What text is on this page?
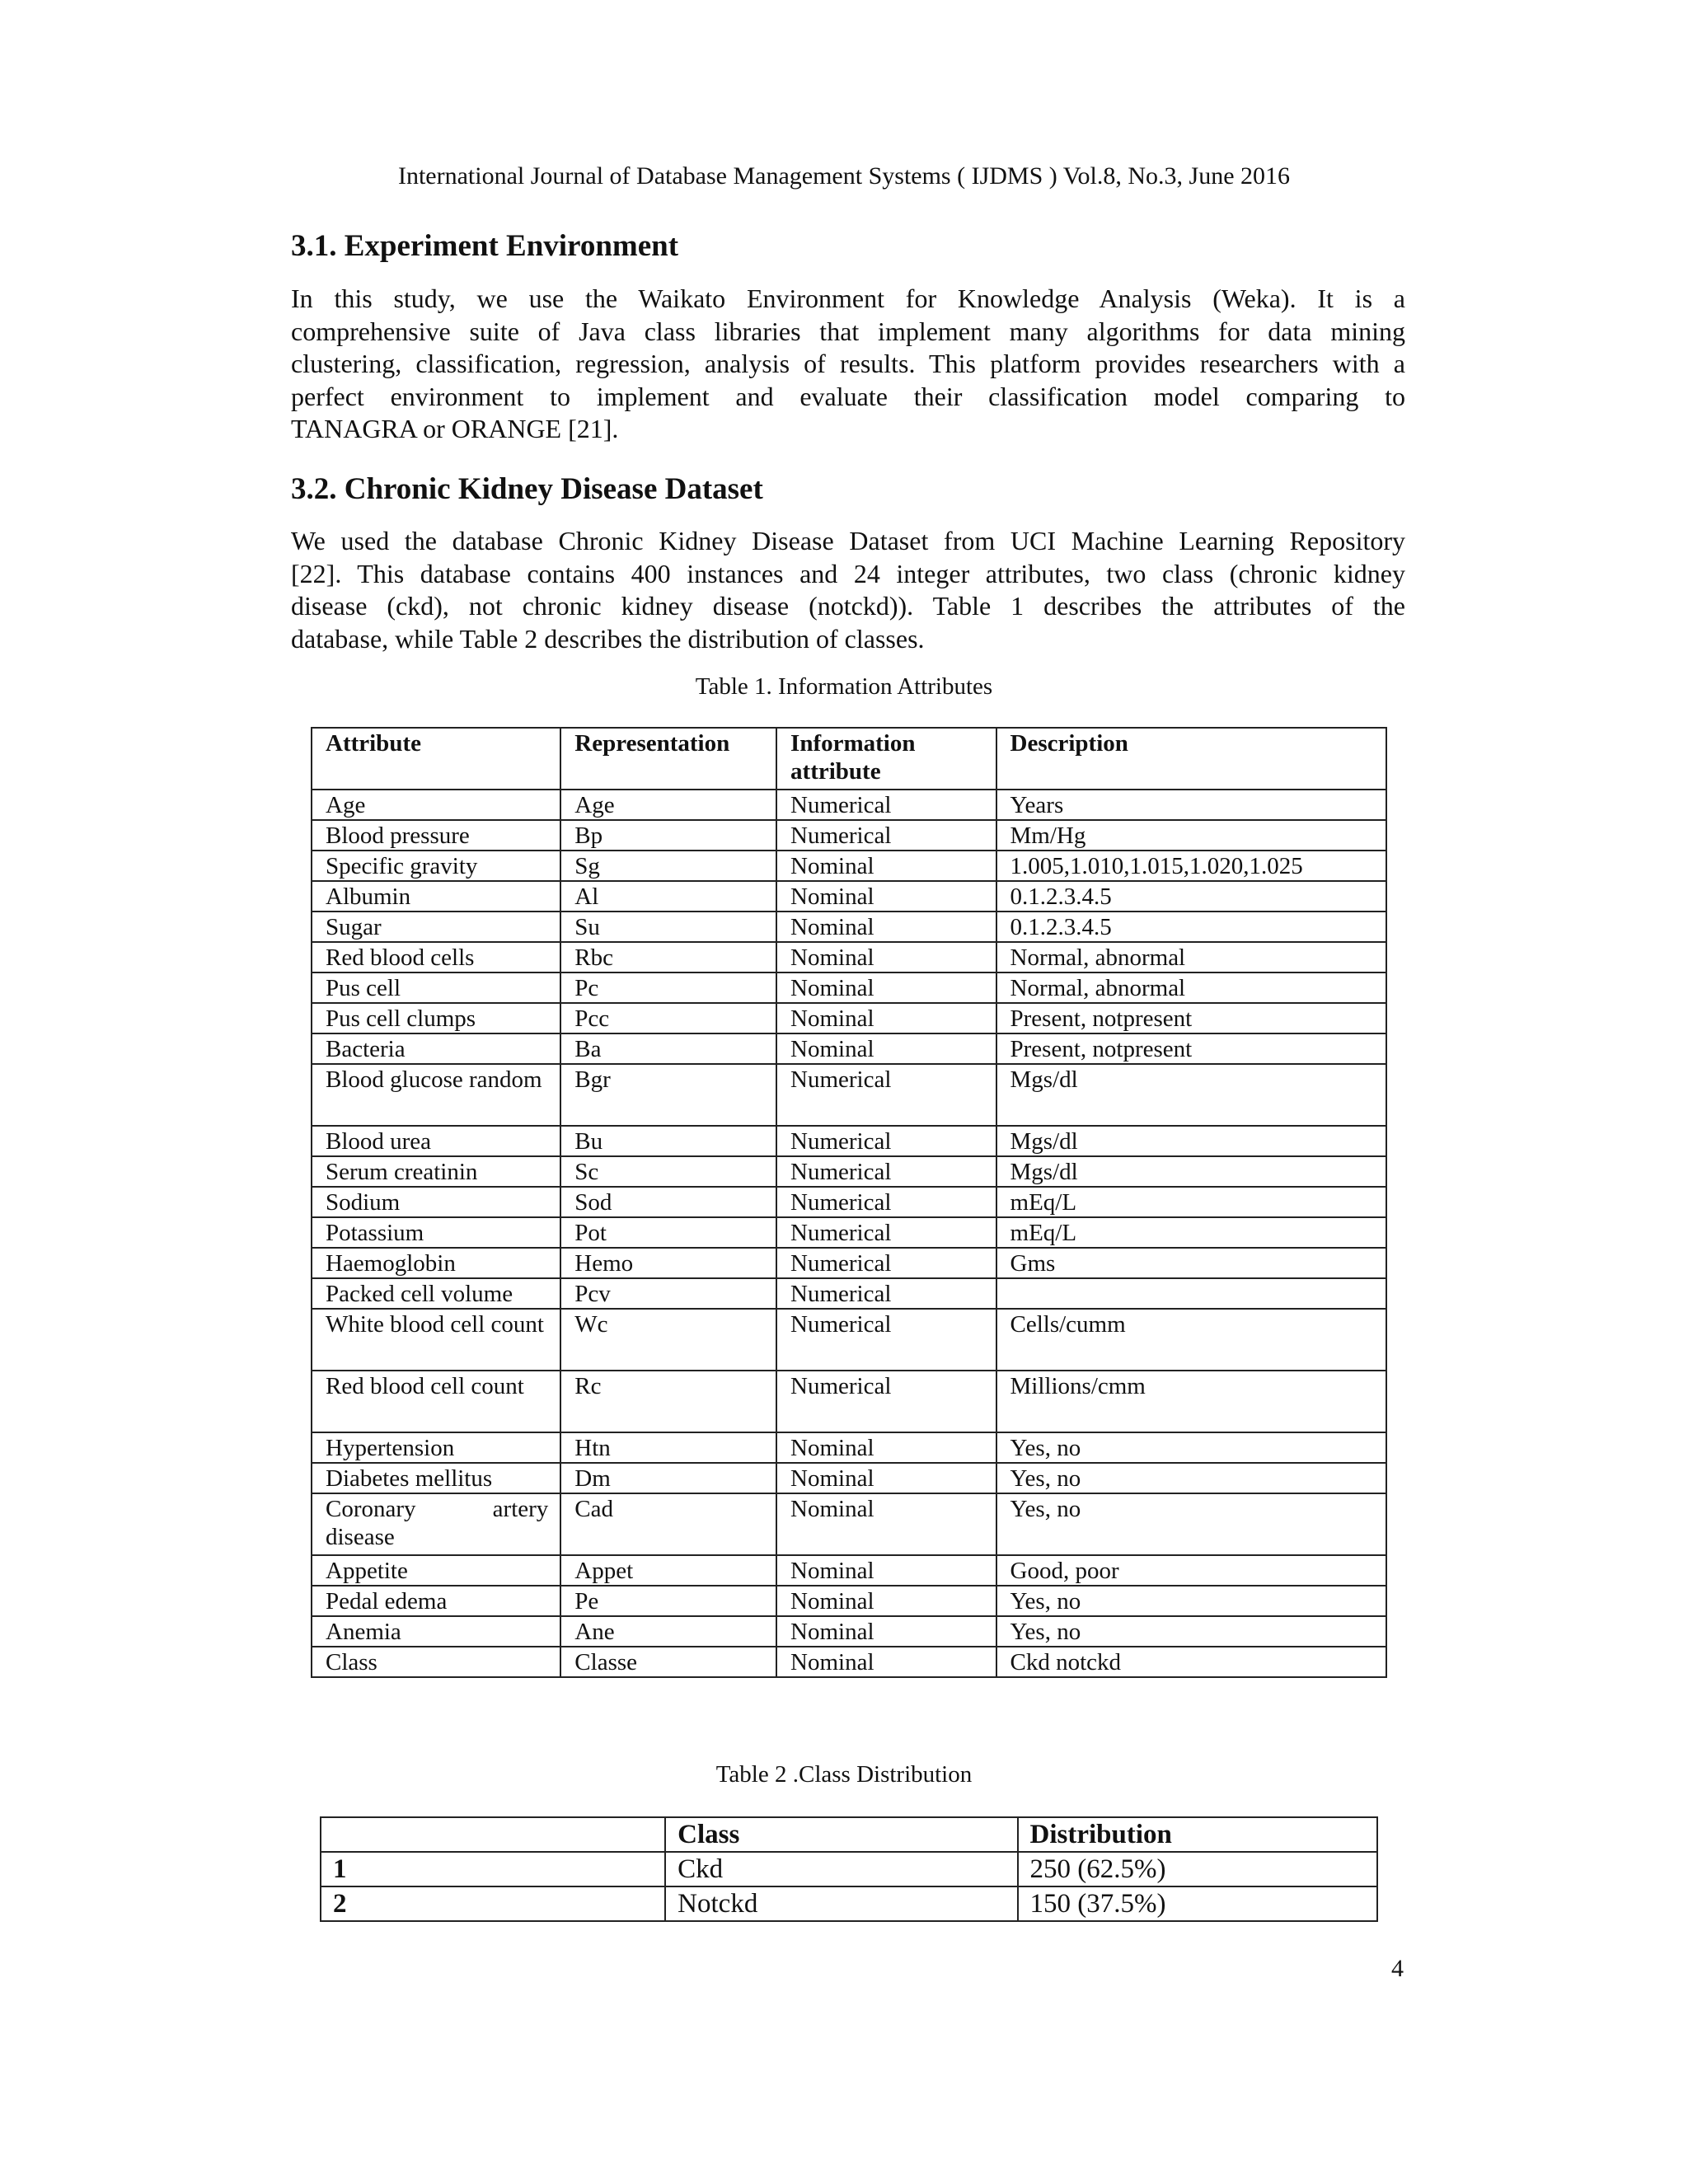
International Journal of Database Management Systems ( IJDMS ) Vol.8, No.3, June 2016
3.1. Experiment Environment

In this study, we use the Waikato Environment for Knowledge Analysis (Weka). It is a
comprehensive suite of Java class libraries that implement many algorithms for data mining
clustering, classification, regression, analysis of results. This platform provides researchers with a
perfect environment to implement and evaluate their classification model comparing to
TANAGRA or ORANGE [21].

3.2. Chronic Kidney Disease Dataset

We used the database Chronic Kidney Disease Dataset from UCI Machine Learning Repository
[22]. This database contains 400 instances and 24 integer attributes, two class (chronic kidney
disease (ckd), not chronic kidney disease (notckd)). Table 1 describes the attributes of the
database, while Table 2 describes the distribution of classes.

Table 1. Information Attributes
Attribute	Representation	Information attribute	Description
Age	Age	Numerical	Years
Blood pressure	Bp	Numerical	Mm/Hg
Specific gravity	Sg	Nominal	1.005,1.010,1.015,1.020,1.025
Albumin	Al	Nominal	0.1.2.3.4.5
Sugar	Su	Nominal	0.1.2.3.4.5
Red blood cells	Rbc	Nominal	Normal, abnormal
Pus cell	Pc	Nominal	Normal, abnormal
Pus cell clumps	Pcc	Nominal	Present, notpresent
Bacteria	Ba	Nominal	Present, notpresent
Blood glucose random	Bgr	Numerical	Mgs/dl
Blood urea	Bu	Numerical	Mgs/dl
Serum creatinin	Sc	Numerical	Mgs/dl
Sodium	Sod	Numerical	mEq/L
Potassium	Pot	Numerical	mEq/L
Haemoglobin	Hemo	Numerical	Gms
Packed cell volume	Pcv	Numerical	
White blood cell count	Wc	Numerical	Cells/cumm
Red blood cell count	Rc	Numerical	Millions/cmm
Hypertension	Htn	Nominal	Yes, no
Diabetes mellitus	Dm	Nominal	Yes, no
Coronary artery disease	Cad	Nominal	Yes, no
Appetite	Appet	Nominal	Good, poor
Pedal edema	Pe	Nominal	Yes, no
Anemia	Ane	Nominal	Yes, no
Class	Classe	Nominal	Ckd notckd
Table 2 .Class Distribution
	Class	Distribution
1	Ckd	250 (62.5%)
2	Notckd	150 (37.5%)
4
